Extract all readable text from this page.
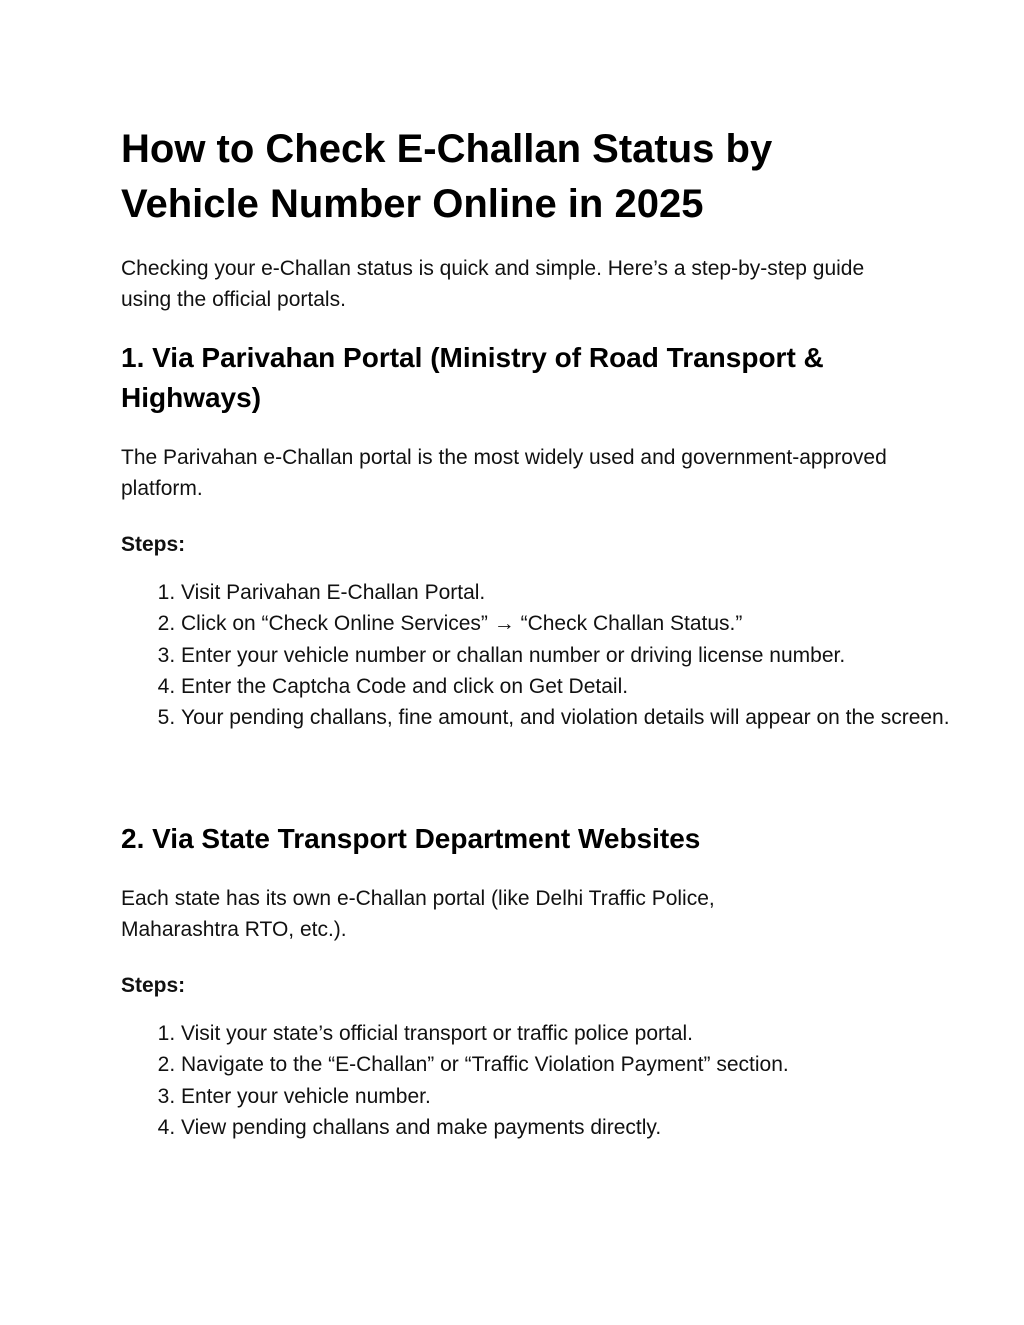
How to Check E-Challan Status by Vehicle Number Online in 2025

Checking your e-Challan status is quick and simple. Here’s a step-by-step guide using the official portals.

1. Via Parivahan Portal (Ministry of Road Transport & Highways)

The Parivahan e-Challan portal is the most widely used and government-approved platform.

Steps:

1. Visit Parivahan E-Challan Portal.
2. Click on “Check Online Services” → “Check Challan Status.”
3. Enter your vehicle number or challan number or driving license number.
4. Enter the Captcha Code and click on Get Detail.
5. Your pending challans, fine amount, and violation details will appear on the screen.
2. Via State Transport Department Websites

Each state has its own e-Challan portal (like Delhi Traffic Police, Maharashtra RTO, etc.).

Steps:

1. Visit your state’s official transport or traffic police portal.
2. Navigate to the “E-Challan” or “Traffic Violation Payment” section.
3. Enter your vehicle number.
4. View pending challans and make payments directly.
